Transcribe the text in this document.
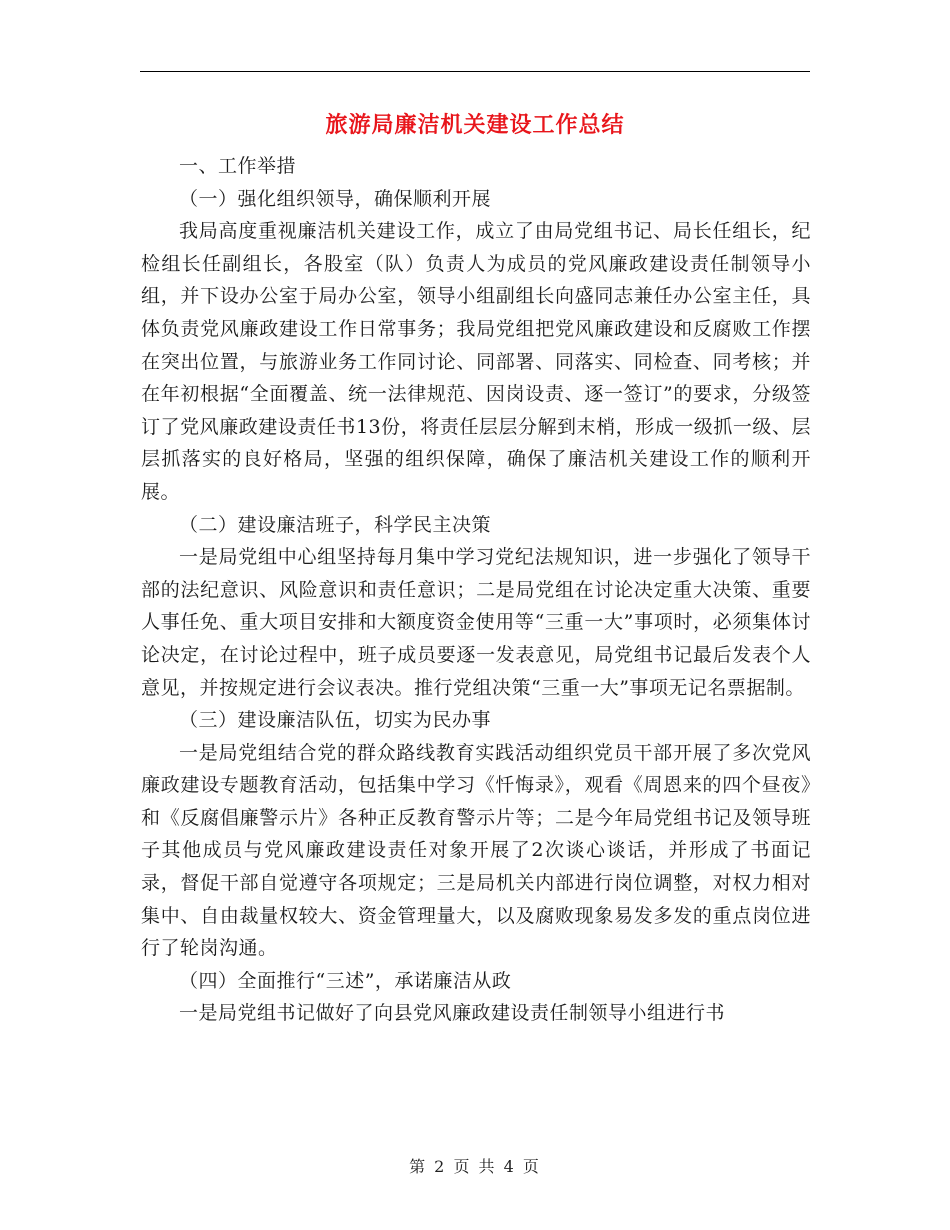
旅游局廉洁机关建设工作总结

一、工作举措

（一）强化组织领导，确保顺利开展

我局高度重视廉洁机关建设工作，成立了由局党组书记、局长任组长，纪检组长任副组长，各股室（队）负责人为成员的党风廉政建设责任制领导小组，并下设办公室于局办公室，领导小组副组长向盛同志兼任办公室主任，具体负责党风廉政建设工作日常事务；我局党组把党风廉政建设和反腐败工作摆在突出位置，与旅游业务工作同讨论、同部署、同落实、同检查、同考核；并在年初根据“全面覆盖、统一法律规范、因岗设责、逐一签订”的要求，分级签订了党风廉政建设责任书13份，将责任层层分解到末梢，形成一级抓一级、层层抓落实的良好格局，坚强的组织保障，确保了廉洁机关建设工作的顺利开展。

（二）建设廉洁班子，科学民主决策

一是局党组中心组坚持每月集中学习党纪法规知识，进一步强化了领导干部的法纪意识、风险意识和责任意识；二是局党组在讨论决定重大决策、重要人事任免、重大项目安排和大额度资金使用等“三重一大”事项时，必须集体讨论决定，在讨论过程中，班子成员要逐一发表意见，局党组书记最后发表个人意见，并按规定进行会议表决。推行党组决策“三重一大”事项无记名票据制。

（三）建设廉洁队伍，切实为民办事

一是局党组结合党的群众路线教育实践活动组织党员干部开展了多次党风廉政建设专题教育活动，包括集中学习《忏悔录》，观看《周恩来的四个昼夜》和《反腐倡廉警示片》各种正反教育警示片等；二是今年局党组书记及领导班子其他成员与党风廉政建设责任对象开展了2次谈心谈话，并形成了书面记录，督促干部自觉遵守各项规定；三是局机关内部进行岗位调整，对权力相对集中、自由裁量权较大、资金管理量大，以及腐败现象易发多发的重点岗位进行了轮岗沟通。

（四）全面推行“三述”，承诺廉洁从政

一是局党组书记做好了向县党风廉政建设责任制领导小组进行书

第 2 页 共 4 页
